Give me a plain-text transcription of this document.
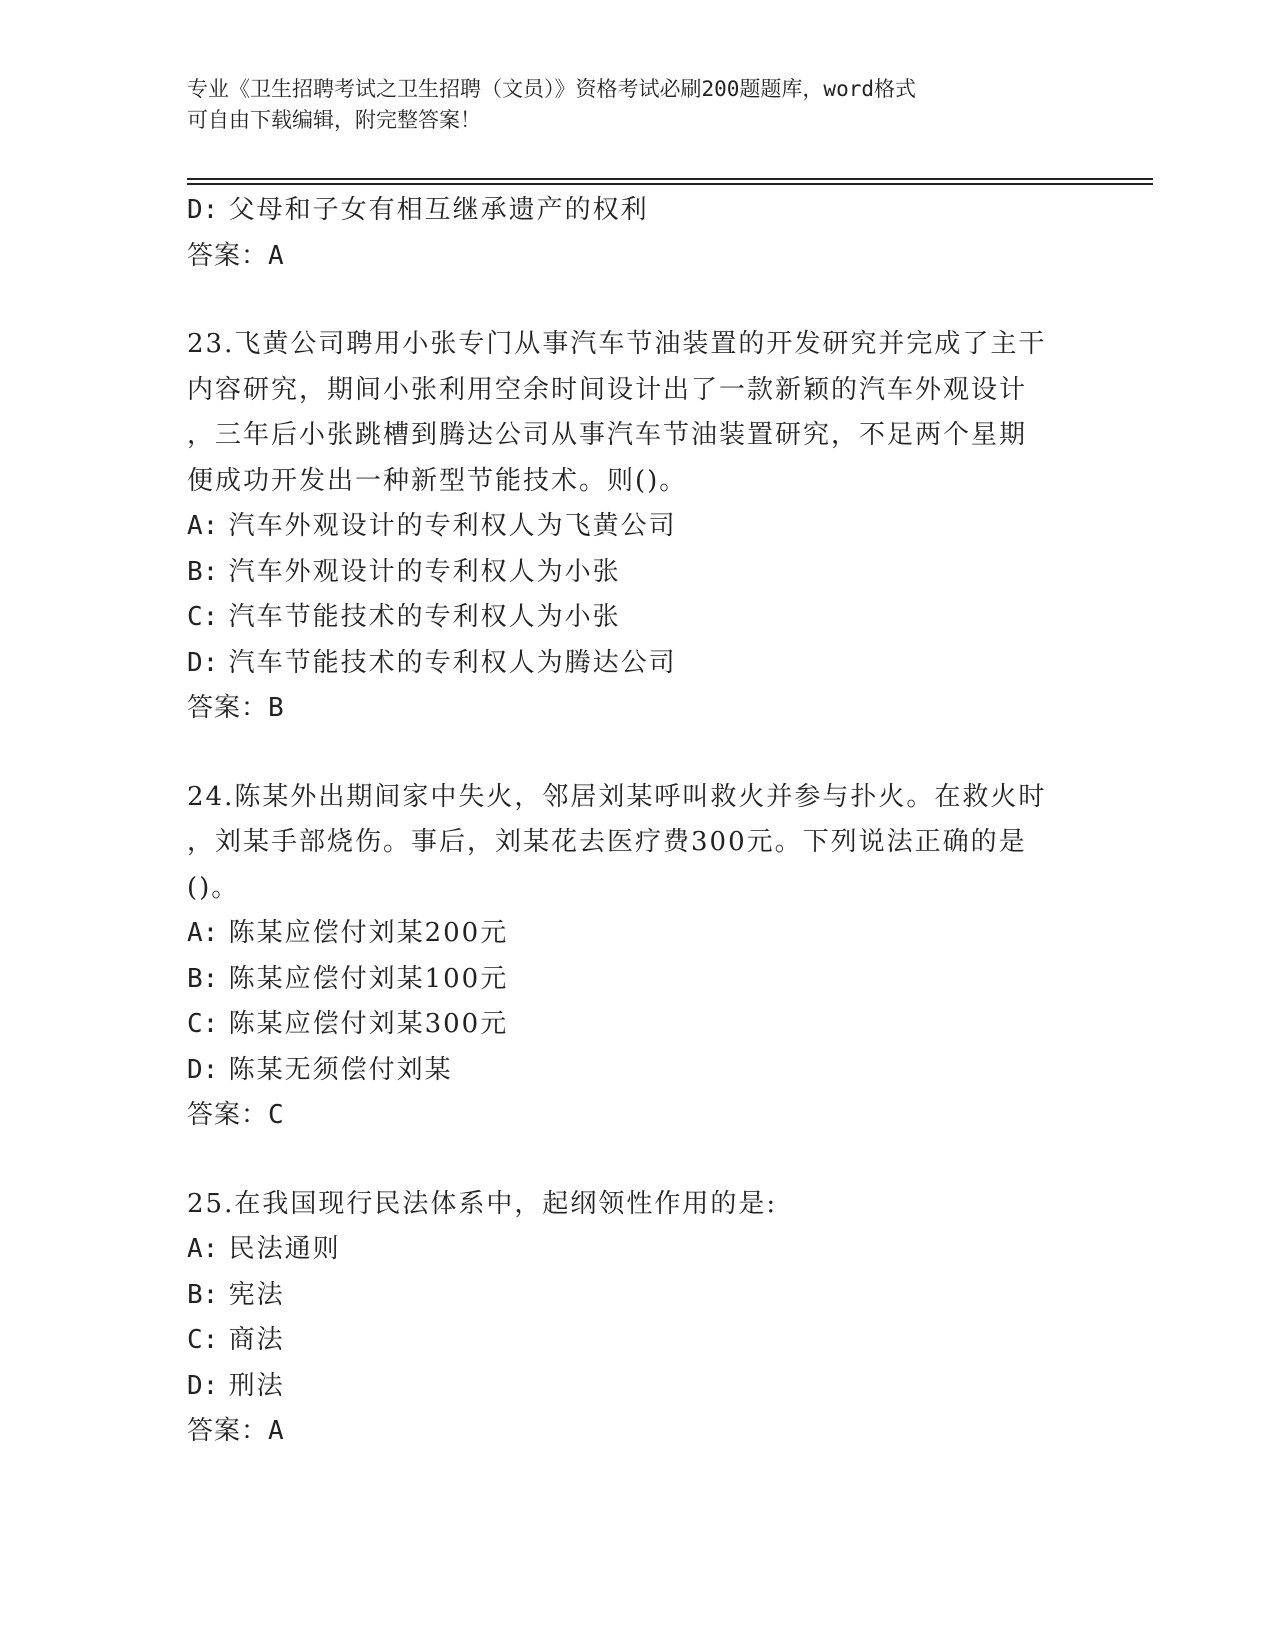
专业《卫生招聘考试之卫生招聘（文员）》资格考试必刷200题题库，word格式
可自由下载编辑，附完整答案！
D: 父母和子女有相互继承遗产的权利
答案：A
23.飞黄公司聘用小张专门从事汽车节油装置的开发研究并完成了主干
内容研究，期间小张利用空余时间设计出了一款新颖的汽车外观设计
，三年后小张跳槽到腾达公司从事汽车节油装置研究，不足两个星期
便成功开发出一种新型节能技术。则()。
A: 汽车外观设计的专利权人为飞黄公司
B: 汽车外观设计的专利权人为小张
C: 汽车节能技术的专利权人为小张
D: 汽车节能技术的专利权人为腾达公司
答案：B
24.陈某外出期间家中失火，邻居刘某呼叫救火并参与扑火。在救火时
，刘某手部烧伤。事后，刘某花去医疗费300元。下列说法正确的是
()。
A: 陈某应偿付刘某200元
B: 陈某应偿付刘某100元
C: 陈某应偿付刘某300元
D: 陈某无须偿付刘某
答案：C
25.在我国现行民法体系中，起纲领性作用的是:
A: 民法通则
B: 宪法
C: 商法
D: 刑法
答案：A
